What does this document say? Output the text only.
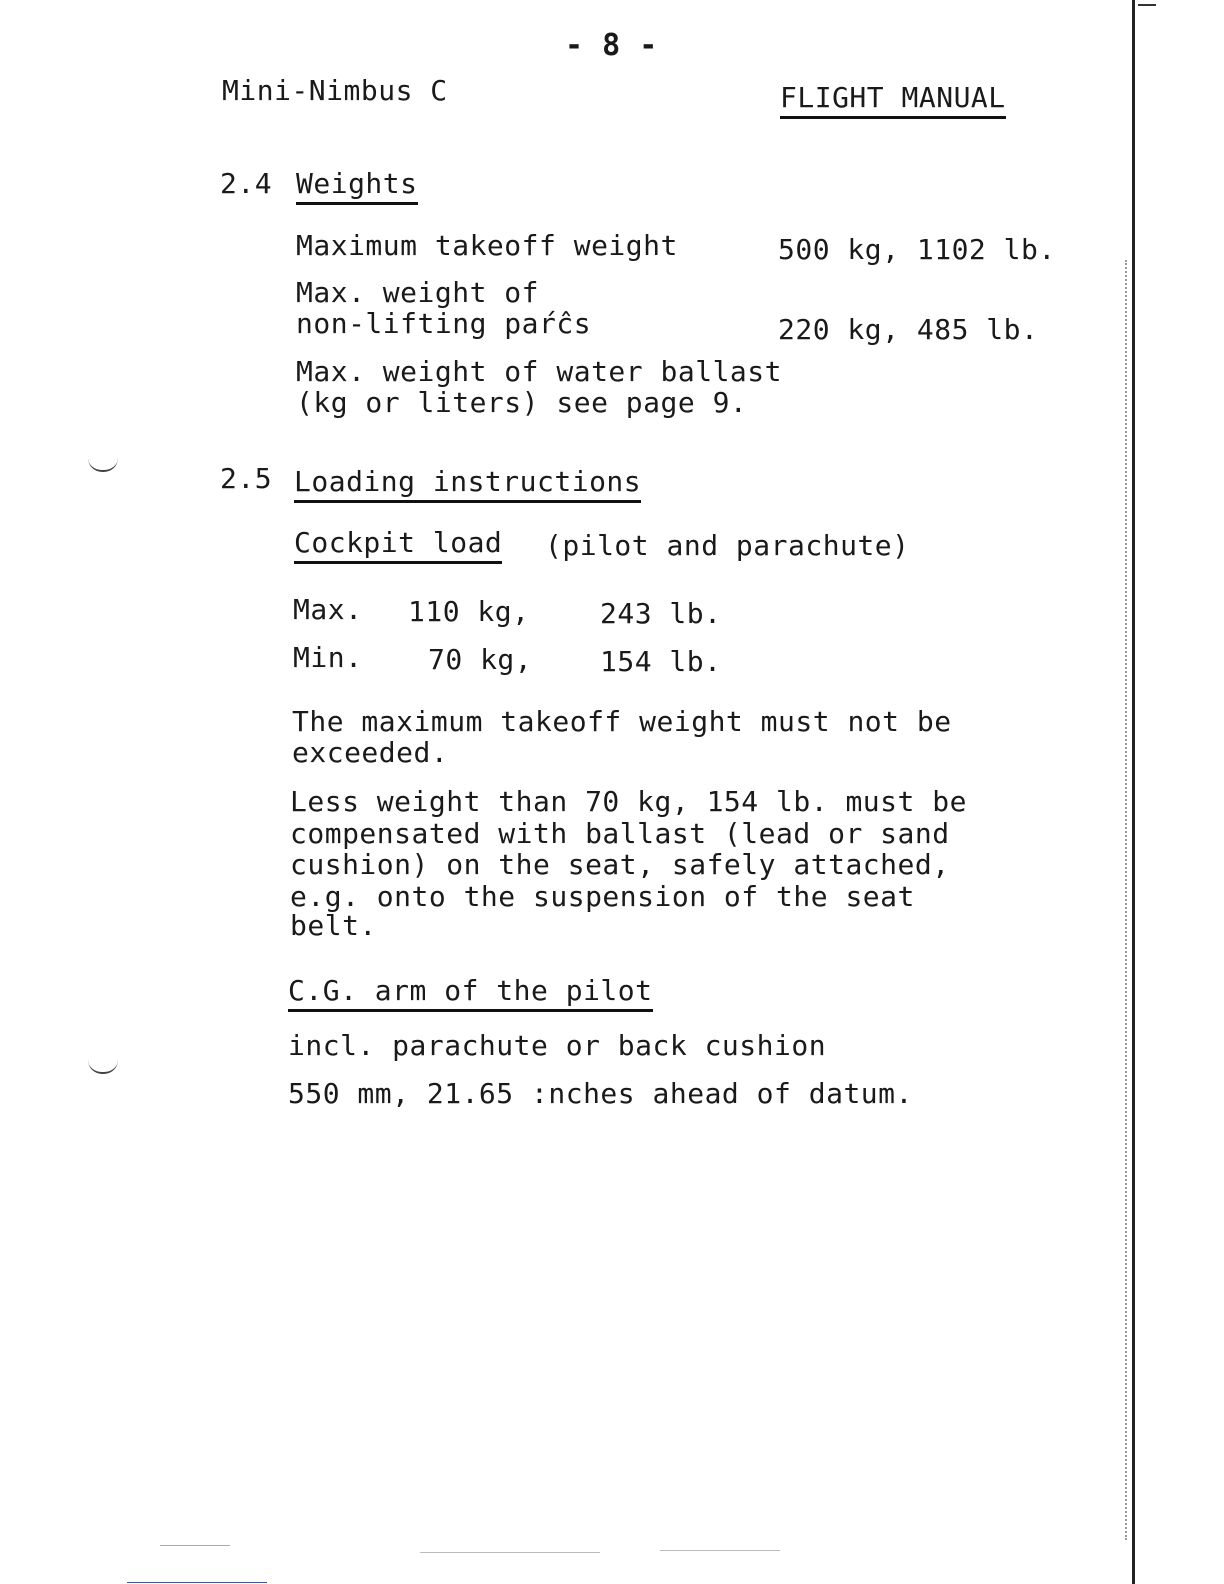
- 8 -
Mini-Nimbus C	FLIGHT MANUAL
2.4 Weights
Maximum takeoff weight	500 kg, 1102 lb.
Max. weight of
non-lifting paŕĉs	220 kg, 485 lb.
Max. weight of water ballast
(kg or liters) see page 9.
2.5 Loading instructions
Cockpit load (pilot and parachute)
Max. 110 kg,	243 lb.
Min. 70 kg, 154 lb.
The maximum takeoff weight must not be
exceeded.
Less weight than 70 kg, 154 lb. must be
compensated with ballast (lead or sand
cushion) on the seat, safely attached,
e.g. onto the suspension of the seat
belt.
C.G. arm of the pilot
incl. parachute or back cushion
550 mm, 21.65 :nches ahead of datum.
